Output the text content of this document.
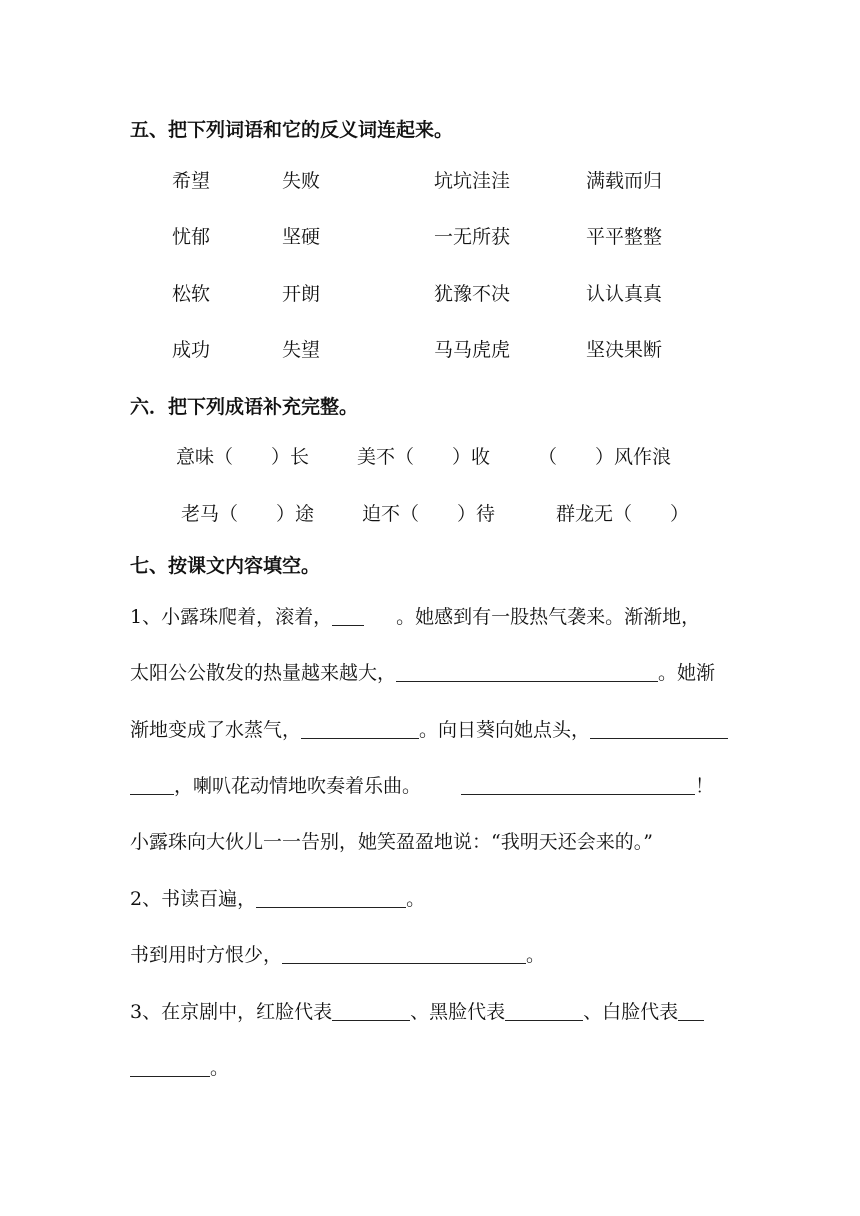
五、把下列词语和它的反义词连起来。
希望	失败	坑坑洼洼	满载而归
忧郁	坚硬	一无所获	平平整整
松软	开朗	犹豫不决	认认真真
成功	失望	马马虎虎	坚决果断
六．把下列成语补充完整。
意味（　　）长	美不（　　）收	（　　）风作浪
老马（　　）途	迫不（　　）待	群龙无（　　）
七、按课文内容填空。
1、小露珠爬着，滚着，	。她感到有一股热气袭来。渐渐地，
太阳公公散发的热量越来越大，	。她渐
渐地变成了水蒸气，	。向日葵向她点头，
，喇叭花动情地吹奏着乐曲。	！
小露珠向大伙儿一一告别，她笑盈盈地说：“我明天还会来的。”
2、书读百遍，	。
书到用时方恨少，	。
3、在京剧中，红脸代表	、黑脸代表	、白脸代表
。
